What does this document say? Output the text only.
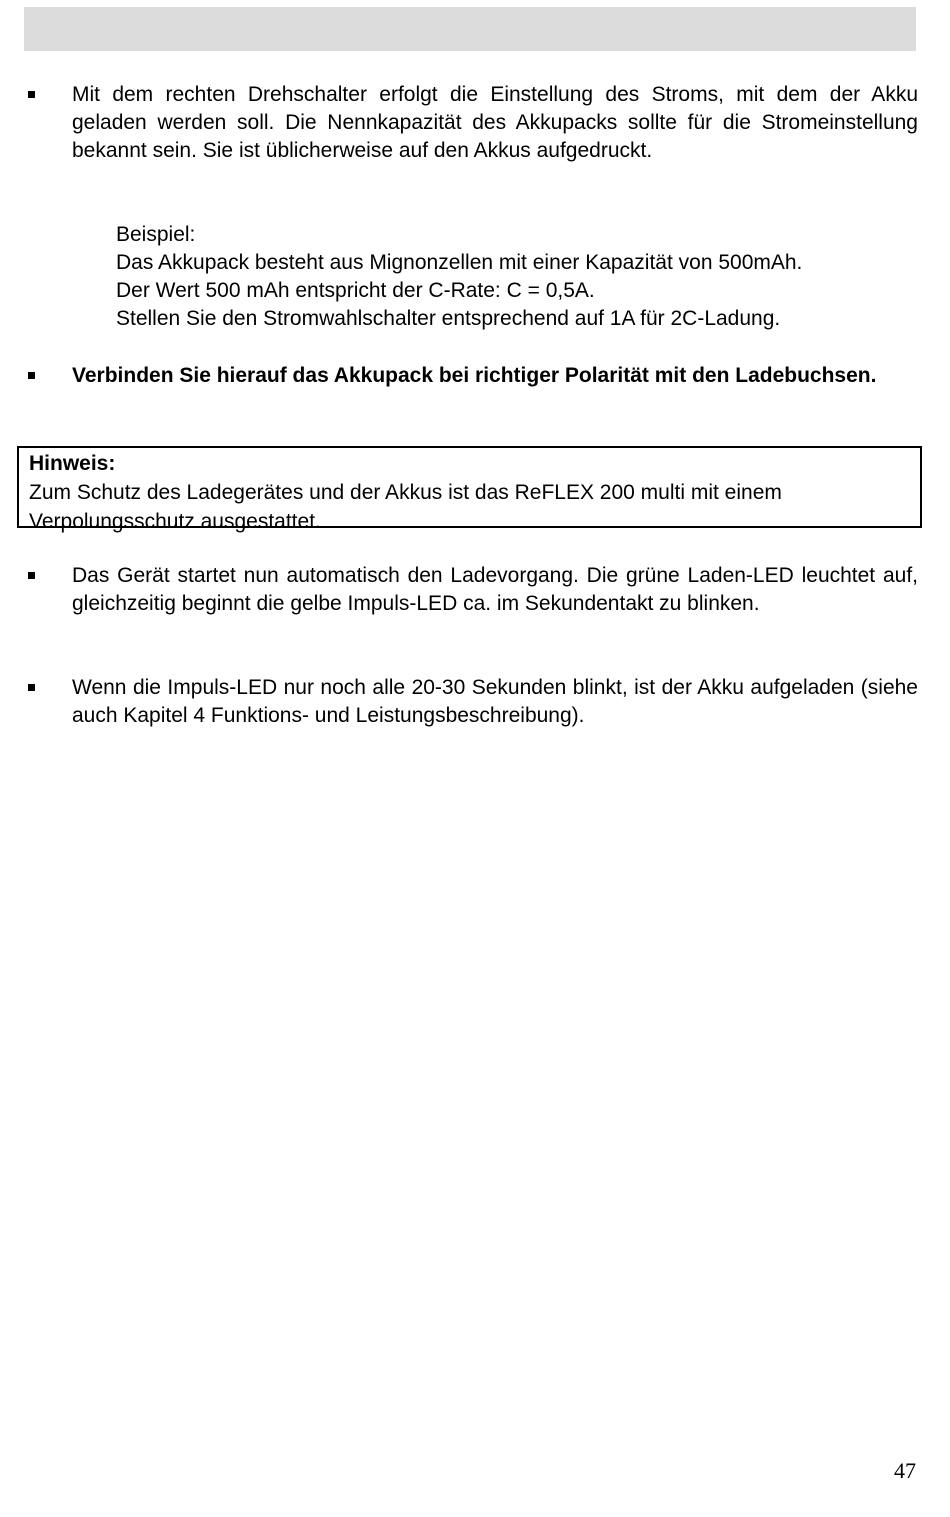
Mit dem rechten Drehschalter erfolgt die Einstellung des Stroms, mit dem der Akku geladen werden soll. Die Nennkapazität des Akkupacks sollte für die Stromeinstellung bekannt sein. Sie ist üblicherweise auf den Akkus aufgedruckt.
Beispiel:
Das Akkupack besteht aus Mignonzellen mit einer Kapazität von 500mAh.
Der Wert 500 mAh entspricht der C-Rate: C = 0,5A.
Stellen Sie den Stromwahlschalter entsprechend auf 1A für 2C-Ladung.
Verbinden Sie hierauf das Akkupack bei richtiger Polarität mit den Ladebuchsen.
Hinweis:
Zum Schutz des Ladegerätes und der Akkus ist das ReFLEX 200 multi mit einem Verpolungsschutz ausgestattet.
Das Gerät startet nun automatisch den Ladevorgang. Die grüne Laden-LED leuchtet auf, gleichzeitig beginnt die gelbe Impuls-LED ca. im Sekundentakt zu blinken.
Wenn die Impuls-LED nur noch alle 20-30 Sekunden blinkt, ist der Akku aufgeladen (siehe auch Kapitel 4 Funktions- und Leistungsbeschreibung).
47
